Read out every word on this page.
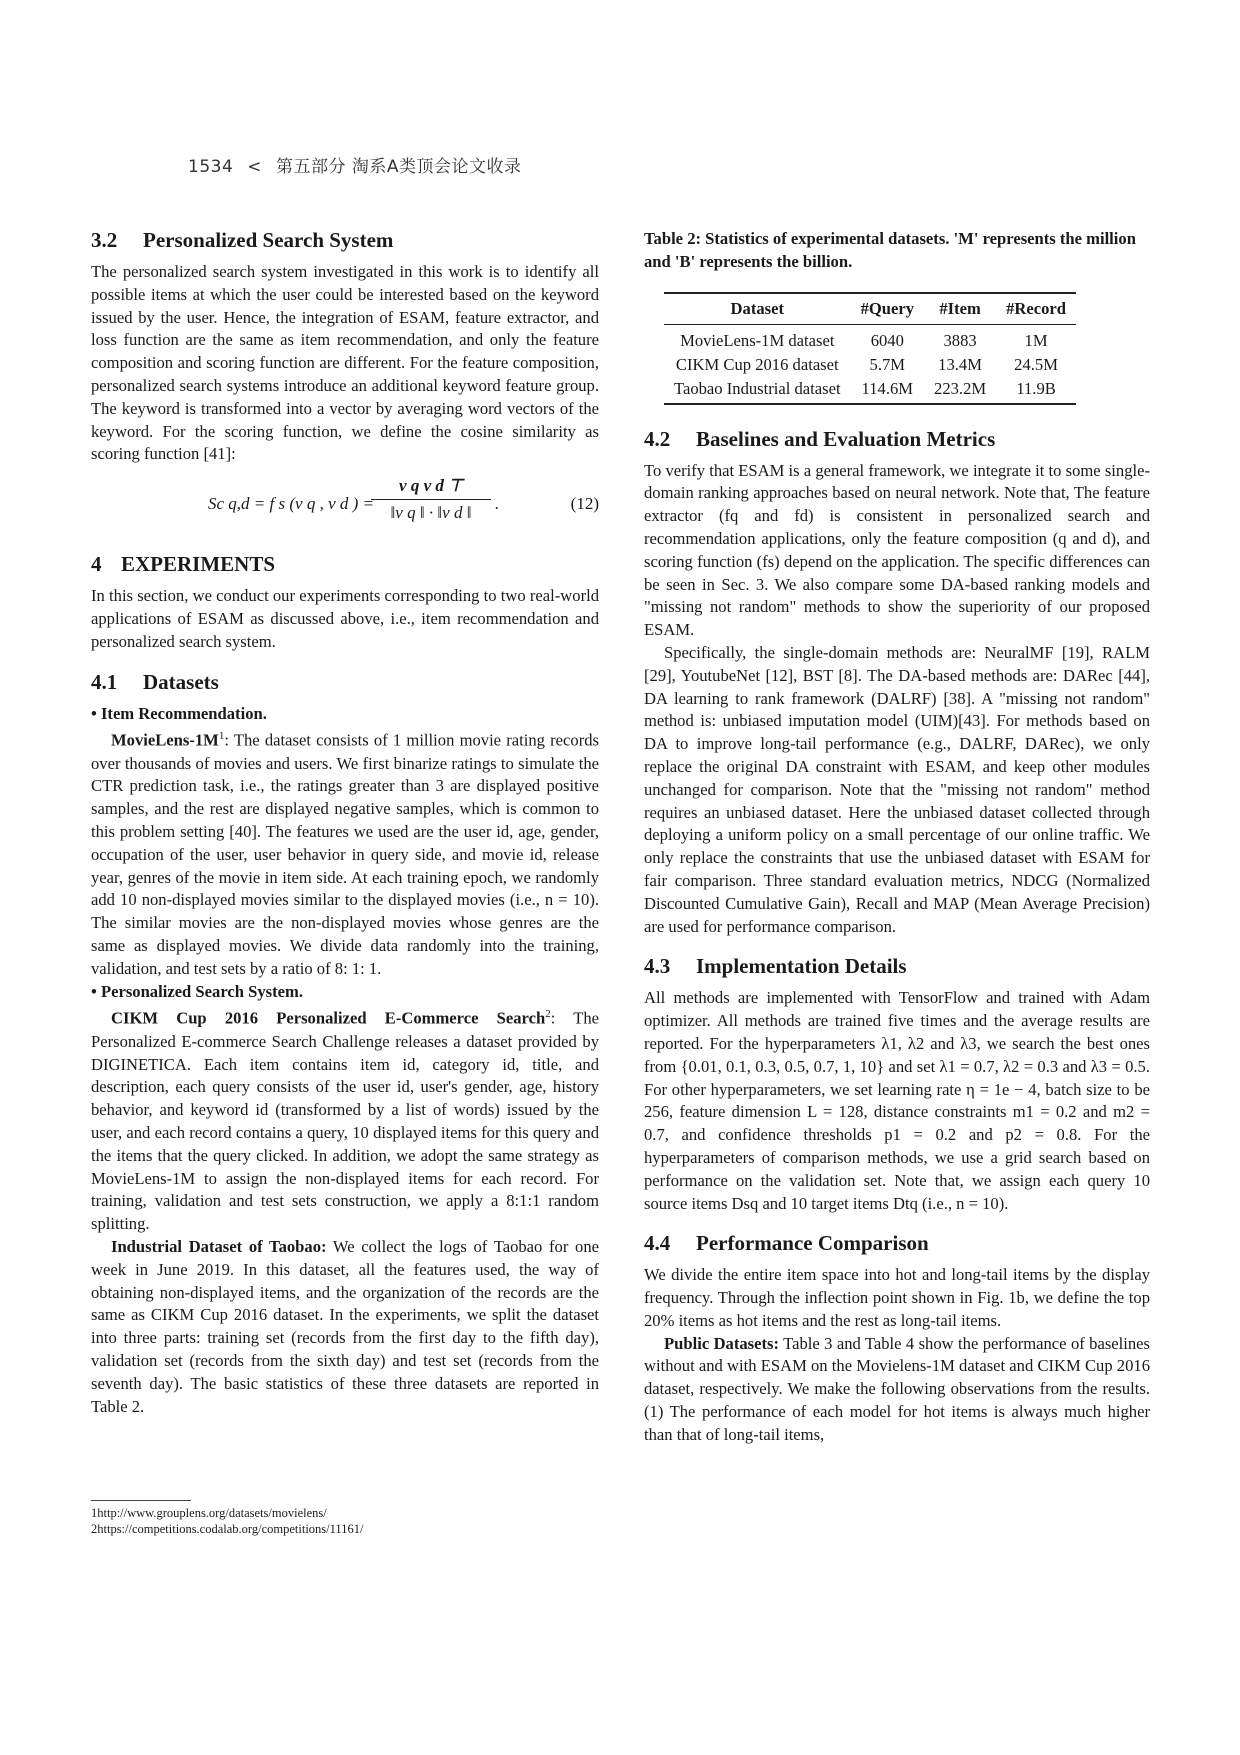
1534 < 第五部分 淘系A类顶会论文收录
3.2 Personalized Search System

The personalized search system investigated in this work is to identify all possible items at which the user could be interested based on the keyword issued by the user. Hence, the integration of ESAM, feature extractor, and loss function are the same as item recommendation, and only the feature composition and scoring function are different. For the feature composition, personalized search systems introduce an additional keyword feature group. The keyword is transformed into a vector by averaging word vectors of the keyword. For the scoring function, we define the cosine similarity as scoring function [41]:

Sc q,d = f s (v q , v d ) =
$\frac{\text{v q v d ⊤}}{\text{‖v q ‖ · ‖v d ‖}}$ .	(12)
4 EXPERIMENTS

In this section, we conduct our experiments corresponding to two real-world applications of ESAM as discussed above, i.e., item recommendation and personalized search system.

4.1 Datasets
• Item Recommendation.

MovieLens-$1M^1$: The dataset consists of 1 million movie rating records over thousands of movies and users. We first binarize ratings to simulate the CTR prediction task, i.e., the ratings greater than 3 are displayed positive samples, and the rest are displayed negative samples, which is common to this problem setting [40]. The features we used are the user id, age, gender, occupation of the user, user behavior in query side, and movie id, release year, genres of the movie in item side. At each training epoch, we randomly add 10 non-displayed movies similar to the displayed movies (i.e., n = 10). The similar movies are the non-displayed movies whose genres are the same as displayed movies. We divide data randomly into the training, validation, and test sets by a ratio of 8: 1: 1.

• Personalized Search System.

CIKM Cup 2016 Personalized E-Commerce Search$^2$: The Personalized E-commerce Search Challenge releases a dataset provided by DIGINETICA. Each item contains item id, category id, title, and description, each query consists of the user id, user's gender, age, history behavior, and keyword id (transformed by a list of words) issued by the user, and each record contains a query, 10 displayed items for this query and the items that the query clicked. In addition, we adopt the same strategy as MovieLens-1M to assign the non-displayed items for each record. For training, validation and test sets construction, we apply a 8:1:1 random splitting.

Industrial Dataset of Taobao: We collect the logs of Taobao for one week in June 2019. In this dataset, all the features used, the way of obtaining non-displayed items, and the organization of the records are the same as CIKM Cup 2016 dataset. In the experiments, we split the dataset into three parts: training set (records from the first day to the fifth day), validation set (records from the sixth day) and test set (records from the seventh day). The basic statistics of these three datasets are reported in Table 2.

1http://www.grouplens.org/datasets/movielens/
2https://competitions.codalab.org/competitions/11161/
Table 2: Statistics of experimental datasets. 'M' represents the million and 'B' represents the billion.
Dataset	#Query	#Item	#Record
MovieLens-1M dataset	6040	3883	1M
CIKM Cup 2016 dataset	5.7M	13.4M	24.5M
Taobao Industrial dataset	114.6M	223.2M	11.9B
4.2 Baselines and Evaluation Metrics

To verify that ESAM is a general framework, we integrate it to some single-domain ranking approaches based on neural network. Note that, The feature extractor (fq and fd) is consistent in personalized search and recommendation applications, only the feature composition (q and d), and scoring function (fs) depend on the application. The specific differences can be seen in Sec. 3. We also compare some DA-based ranking models and "missing not random" methods to show the superiority of our proposed ESAM.

Specifically, the single-domain methods are: NeuralMF [19], RALM [29], YoutubeNet [12], BST [8]. The DA-based methods are: DARec [44], DA learning to rank framework (DALRF) [38]. A "missing not random" method is: unbiased imputation model (UIM)[43]. For methods based on DA to improve long-tail performance (e.g., DALRF, DARec), we only replace the original DA constraint with ESAM, and keep other modules unchanged for comparison. Note that the "missing not random" method requires an unbiased dataset. Here the unbiased dataset collected through deploying a uniform policy on a small percentage of our online traffic. We only replace the constraints that use the unbiased dataset with ESAM for fair comparison. Three standard evaluation metrics, NDCG (Normalized Discounted Cumulative Gain), Recall and MAP (Mean Average Precision) are used for performance comparison.

4.3 Implementation Details

All methods are implemented with TensorFlow and trained with Adam optimizer. All methods are trained five times and the average results are reported. For the hyperparameters λ1, λ2 and λ3, we search the best ones from {0.01, 0.1, 0.3, 0.5, 0.7, 1, 10} and set λ1 = 0.7, λ2 = 0.3 and λ3 = 0.5. For other hyperparameters, we set learning rate η = 1e − 4, batch size to be 256, feature dimension L = 128, distance constraints m1 = 0.2 and m2 = 0.7, and confidence thresholds p1 = 0.2 and p2 = 0.8. For the hyperparameters of comparison methods, we use a grid search based on performance on the validation set. Note that, we assign each query 10 source items Dsq and 10 target items Dtq (i.e., n = 10).

4.4 Performance Comparison

We divide the entire item space into hot and long-tail items by the display frequency. Through the inflection point shown in Fig. 1b, we define the top 20% items as hot items and the rest as long-tail items.

Public Datasets: Table 3 and Table 4 show the performance of baselines without and with ESAM on the Movielens-1M dataset and CIKM Cup 2016 dataset, respectively. We make the following observations from the results. (1) The performance of each model for hot items is always much higher than that of long-tail items,
